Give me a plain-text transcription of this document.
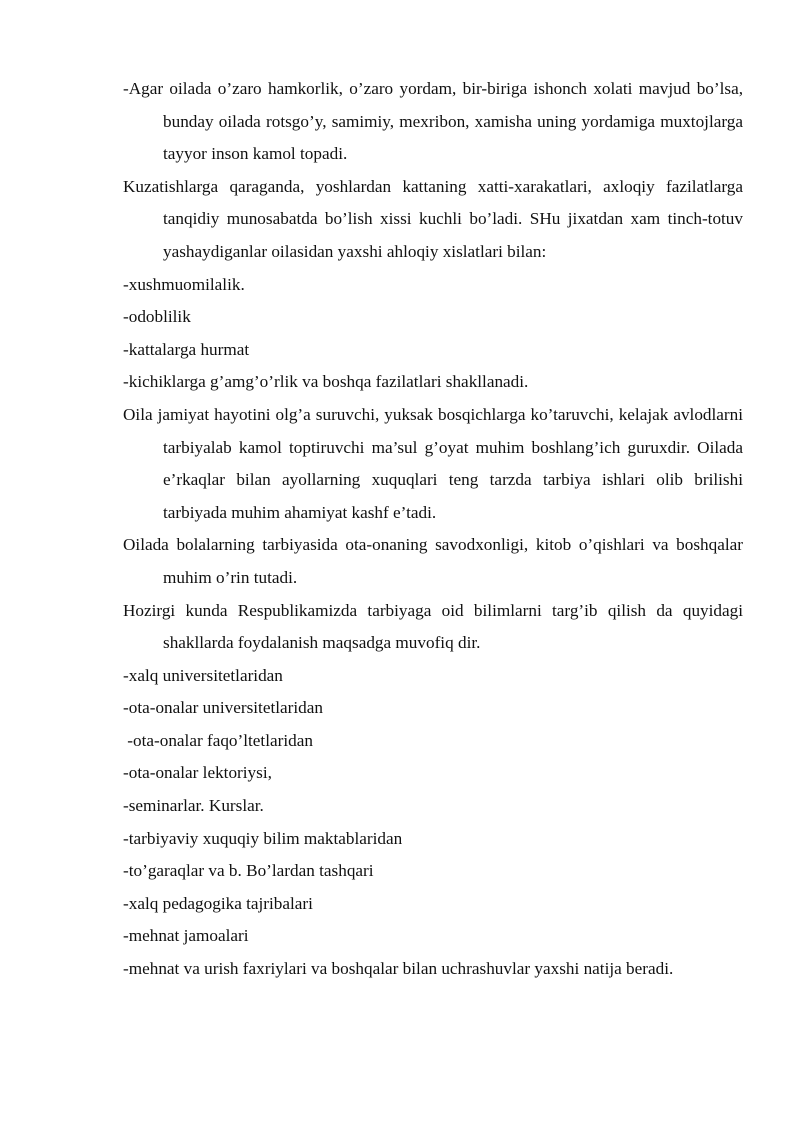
-Agar oilada o’zaro hamkorlik, o’zaro yordam, bir-biriga ishonch xolati mavjud bo’lsa, bunday oilada rotsgo’y, samimiy, mexribon, xamisha uning yordamiga muxtojlarga tayyor inson kamol topadi.

Kuzatishlarga qaraganda, yoshlardan kattaning xatti-xarakatlari, axloqiy fazilatlarga tanqidiy munosabatda bo’lish xissi kuchli bo’ladi. SHu jixatdan xam tinch-totuv yashaydiganlar oilasidan yaxshi ahloqiy xislatlari bilan:

-xushmuomilalik.

-odoblilik

-kattalarga hurmat

-kichiklarga g’amg’o’rlik va boshqa fazilatlari shakllanadi.

Oila jamiyat hayotini olg’a suruvchi, yuksak bosqichlarga ko’taruvchi, kelajak avlodlarni tarbiyalab kamol toptiruvchi ma’sul g’oyat muhim boshlang’ich guruxdir. Oilada e’rkaqlar bilan ayollarning xuquqlari teng tarzda tarbiya ishlari olib brilishi tarbiyada muhim ahamiyat kashf e’tadi.

Oilada bolalarning tarbiyasida ota-onaning savodxonligi, kitob o’qishlari va boshqalar muhim o’rin tutadi.

Hozirgi kunda Respublikamizda tarbiyaga oid bilimlarni targ’ib qilish da quyidagi shakllarda foydalanish maqsadga muvofiq dir.

-xalq universitetlaridan

-ota-onalar universitetlaridan

-ota-onalar faqo’ltetlaridan

-ota-onalar lektoriysi,

-seminarlar. Kurslar.

-tarbiyaviy xuquqiy bilim maktablaridan

-to’garaqlar va b. Bo’lardan tashqari

-xalq pedagogika tajribalari

-mehnat jamoalari

-mehnat va urish faxriylari va boshqalar bilan uchrashuvlar yaxshi natija beradi.
